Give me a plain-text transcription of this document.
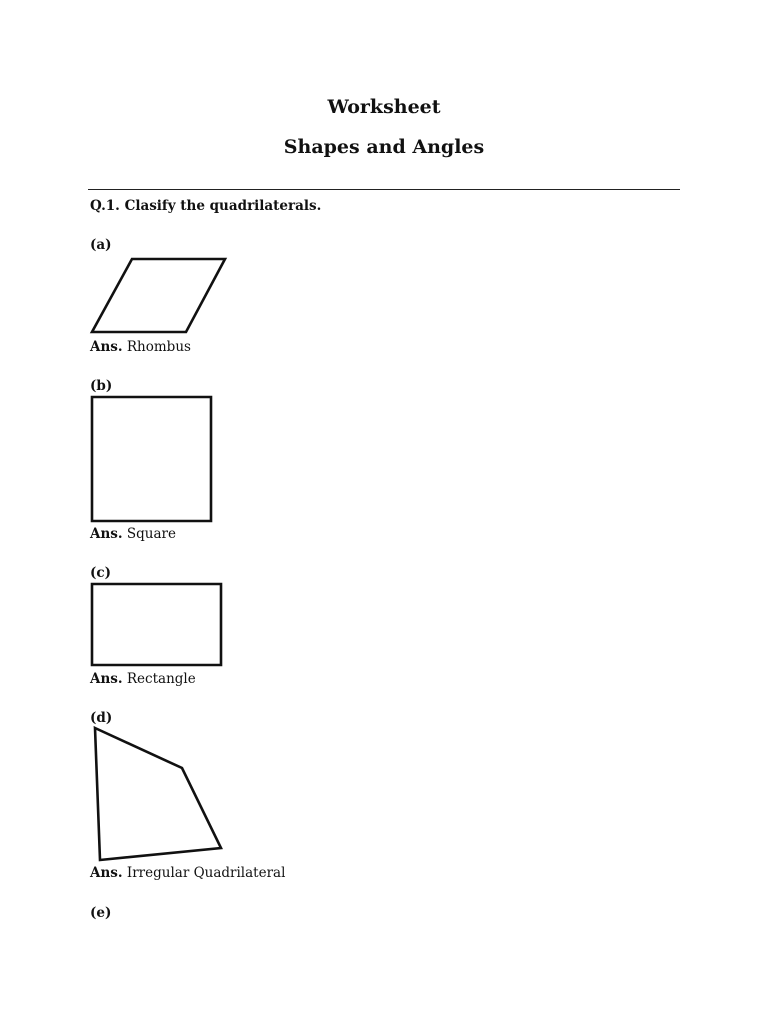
Worksheet
Shapes and Angles
Q.1. Clasify the quadrilaterals.
(a)
Ans. Rhombus
(b)
Ans. Square
(c)
Ans. Rectangle
(d)
Ans. Irregular Quadrilateral
(e)
